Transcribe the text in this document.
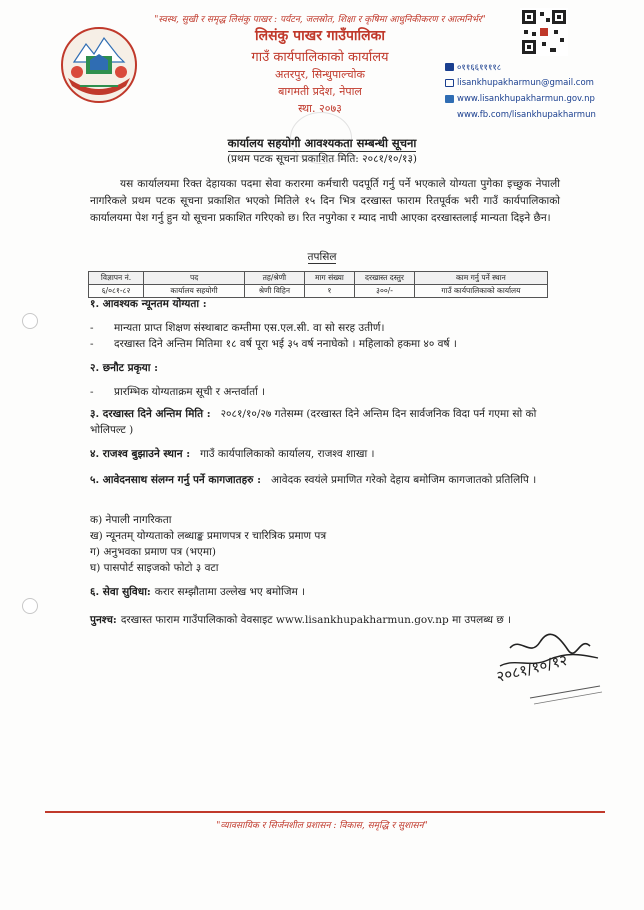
"स्वस्थ, सुखी र समृद्ध लिसंकु पाखर : पर्यटन, जलस्रोत, शिक्षा र कृषिमा आधुनिकीकरण र आत्मनिर्भर"
लिसंकु पाखर गाउँपालिका
गाउँ कार्यपालिकाको कार्यालय
अतरपुर, सिन्धुपाल्चोक
बागमती प्रदेश, नेपाल
स्था. २०७३
०११६६११११८
lisankhupakharmun@gmail.com
www.lisankhupakharmun.gov.np
www.fb.com/lisankhupakharmun
कार्यालय सहयोगी आवश्यकता सम्बन्धी सूचना
(प्रथम पटक सूचना प्रकाशित मिति: २०८१/१०/१३)
यस कार्यालयमा रिक्त देहायका पदमा सेवा करारमा कर्मचारी पदपूर्ति गर्नु पर्ने भएकाले योग्यता पुगेका इच्छुक नेपाली नागरिकले प्रथम पटक सूचना प्रकाशित भएको मितिले १५ दिन भित्र दरखास्त फाराम रितपूर्वक भरी गाउँ कार्यपालिकाको कार्यालयमा पेश गर्नु हुन यो सूचना प्रकाशित गरिएको छ। रित नपुगेका र म्याद नाघी आएका दरखास्तलाई मान्यता दिइने छैन।
तपसिल
विज्ञापन नं.	पद	तह/श्रेणी	माग संख्या	दरखास्त दस्तुर	काम गर्नु पर्ने स्थान
६/०८१-८२	कार्यालय सहयोगी	श्रेणी विहिन	१	३००/-	गाउँ कार्यपालिकाको कार्यालय
१. आवश्यक न्यूनतम योग्यता :
- मान्यता प्राप्त शिक्षण संस्थाबाट कम्तीमा एस.एल.सी. वा सो सरह उतीर्ण।
- दरखास्त दिने अन्तिम मितिमा १८ वर्ष पूरा भई ३५ वर्ष ननाघेको । महिलाको हकमा ४० वर्ष ।
२. छनौट प्रकृया :
- प्रारम्भिक योग्यताक्रम सूची र अन्तर्वार्ता ।
३. दरखास्त दिने अन्तिम मिति : २०८१/१०/२७ गतेसम्म (दरखास्त दिने अन्तिम दिन सार्वजनिक विदा पर्न गएमा सो को भोलिपल्ट )
४. राजश्व बुझाउने स्थान : गाउँ कार्यपालिकाको कार्यालय, राजश्व शाखा ।
५. आवेदनसाथ संलग्न गर्नु पर्ने कागजातहरु : आवेदक स्वयंले प्रमाणित गरेको देहाय बमोजिम कागजातको प्रतिलिपि ।
क) नेपाली नागरिकता
ख) न्यूनतम् योग्यताको लब्धाङ्क प्रमाणपत्र र चारित्रिक प्रमाण पत्र
ग) अनुभवका प्रमाण पत्र (भएमा)
घ) पासपोर्ट साइजको फोटो ३ वटा
६. सेवा सुविधा: करार सम्झौतामा उल्लेख भए बमोजिम ।
पुनश्च: दरखास्त फाराम गाउँपालिकाको वेवसाइट www.lisankhupakharmun.gov.np मा उपलब्ध छ ।
२०८१/१०/१२
"व्यावसायिक र सिर्जनशील प्रशासन : विकास, समृद्धि र सुशासन"
